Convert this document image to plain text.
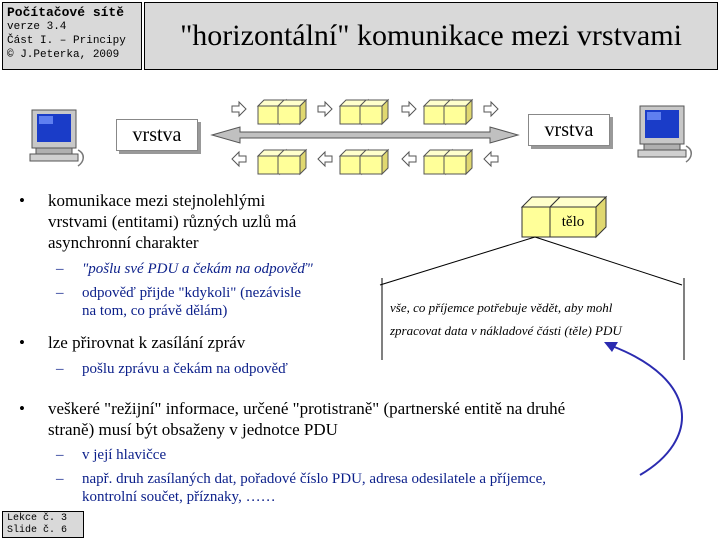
Počítačové sítě
verze 3.4
Část I. – Principy
© J.Peterka, 2009
"horizontální" komunikace mezi vrstvami
vrstva	vrstva
tělo
vše, co příjemce potřebuje vědět, aby mohl
zpracovat data v nákladové části (těle) PDU
• komunikace mezi stejnolehlými
vrstvami (entitami) různých uzlů má
asynchronní charakter
–	"pošlu své PDU a čekám na odpověď"
– odpověď přijde "kdykoli" (nezávisle
na tom, co právě dělám)
•	lze přirovnat k zasílání zpráv
–	pošlu zprávu a čekám na odpověď
• veškeré "režijní" informace, určené "protistraně" (partnerské entitě na druhé
straně) musí být obsaženy v jednotce PDU
–	v její hlavičce
– např. druh zasílaných dat, pořadové číslo PDU, adresa odesilatele a příjemce,
kontrolní součet, příznaky, ……
Lekce č. 3
Slide č. 6
